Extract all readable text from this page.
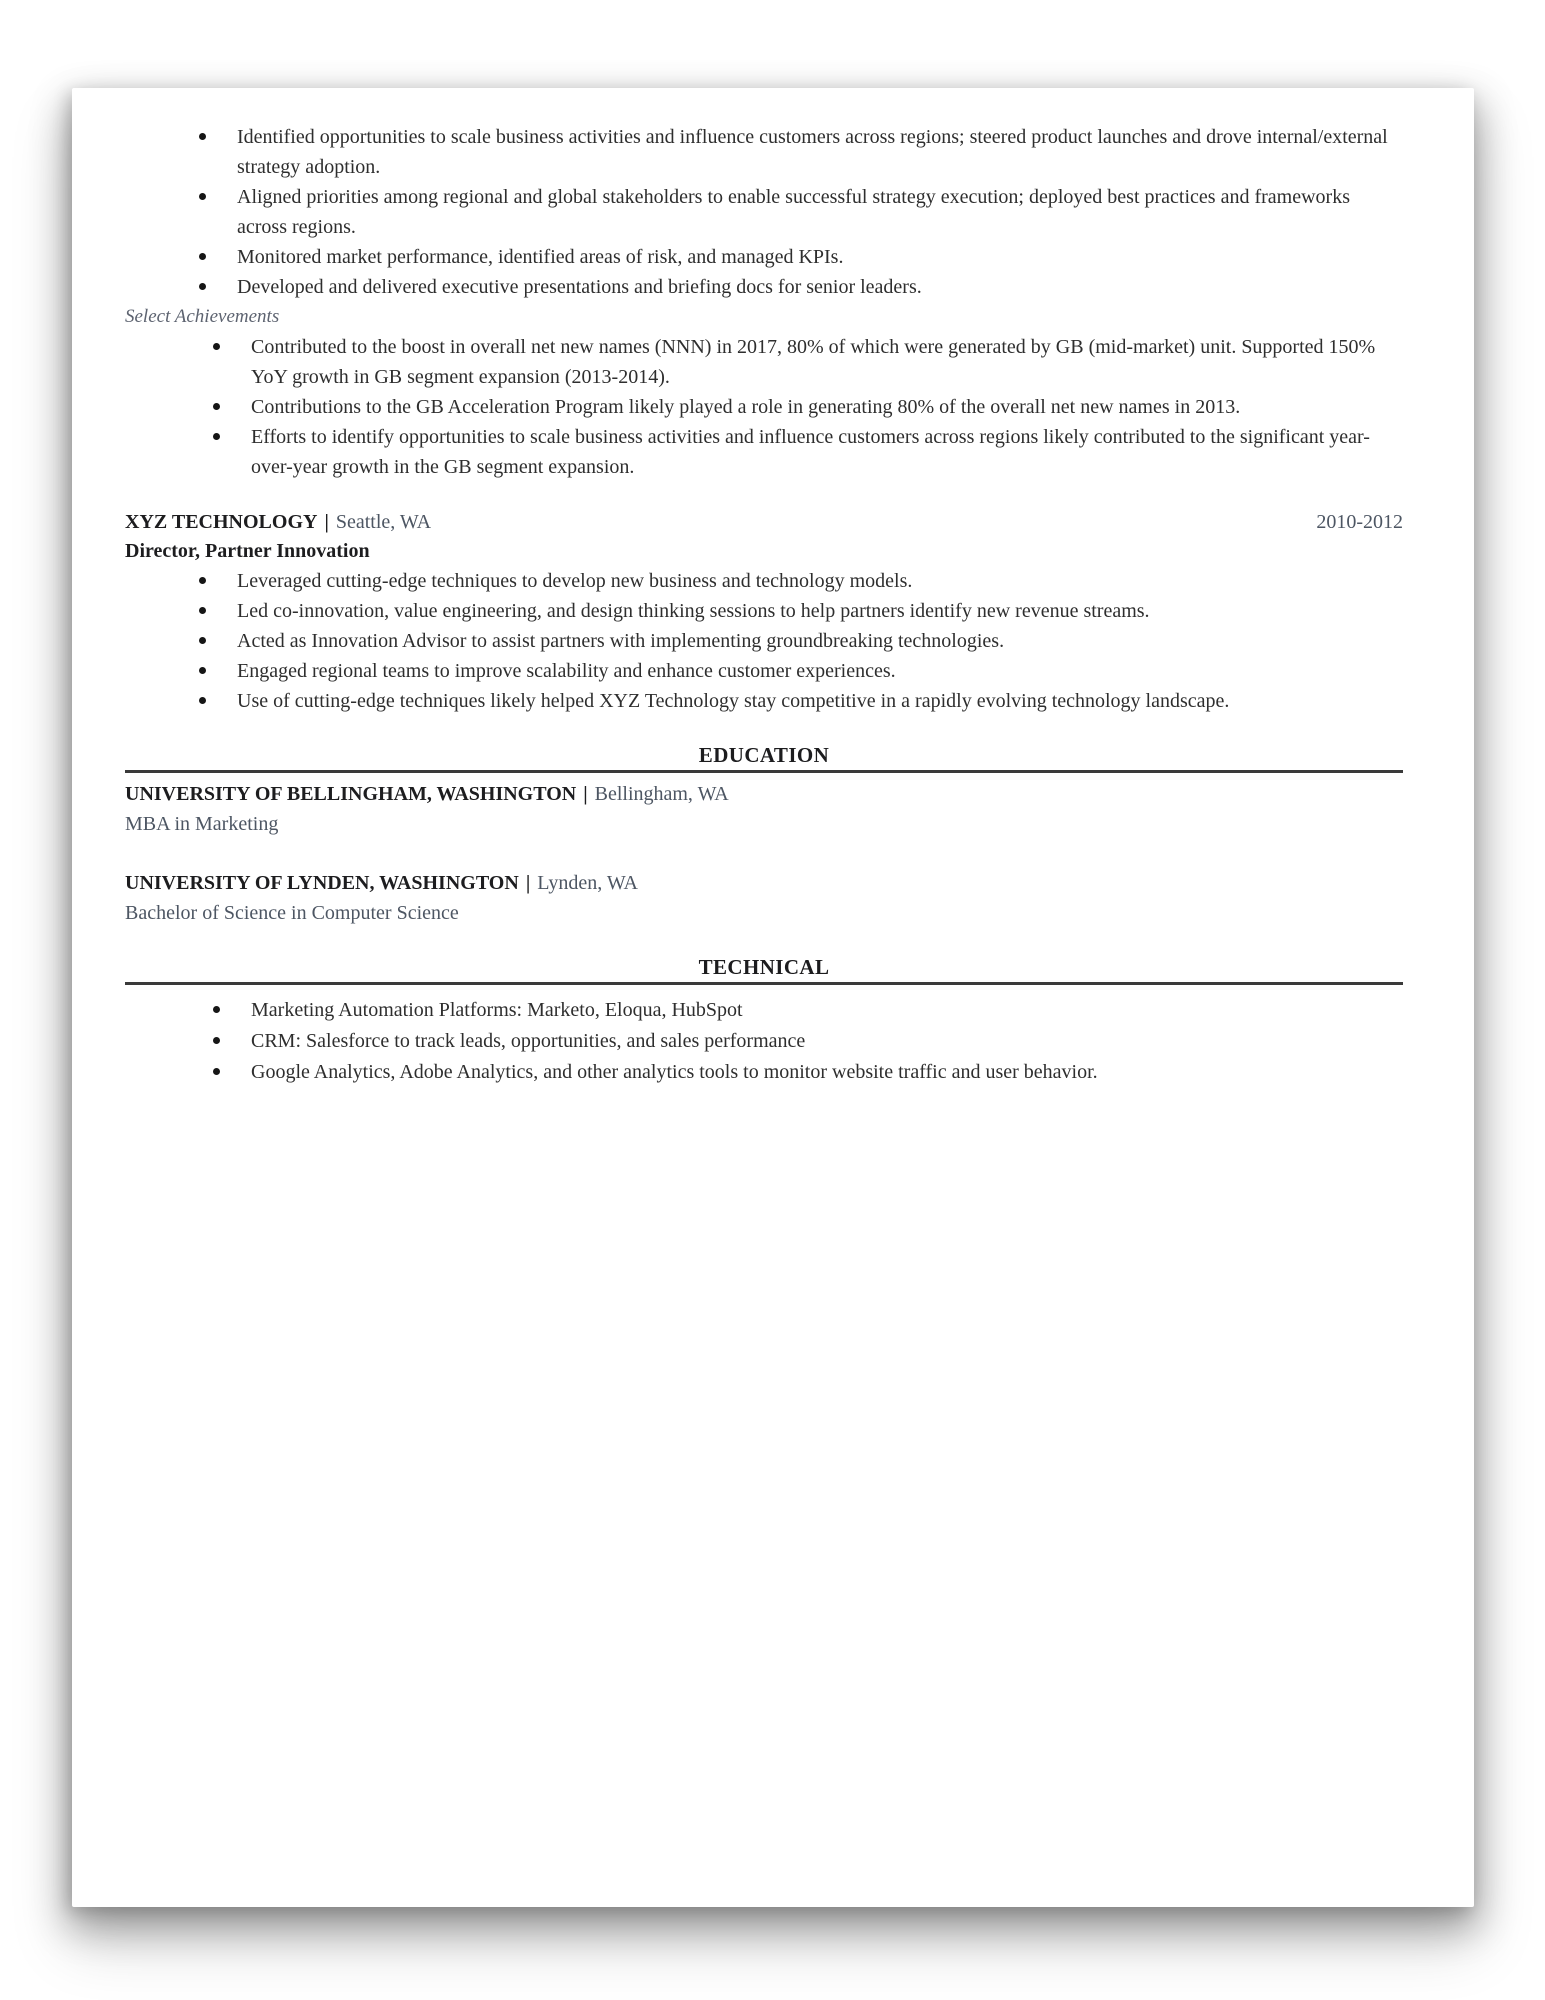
Identified opportunities to scale business activities and influence customers across regions; steered product launches and drove internal/external strategy adoption.
Aligned priorities among regional and global stakeholders to enable successful strategy execution; deployed best practices and frameworks across regions.
Monitored market performance, identified areas of risk, and managed KPIs.
Developed and delivered executive presentations and briefing docs for senior leaders.
Select Achievements
Contributed to the boost in overall net new names (NNN) in 2017, 80% of which were generated by GB (mid-market) unit. Supported 150% YoY growth in GB segment expansion (2013-2014).
Contributions to the GB Acceleration Program likely played a role in generating 80% of the overall net new names in 2013.
Efforts to identify opportunities to scale business activities and influence customers across regions likely contributed to the significant year-over-year growth in the GB segment expansion.
XYZ TECHNOLOGY | Seattle, WA	2010-2012
Director, Partner Innovation
Leveraged cutting-edge techniques to develop new business and technology models.
Led co-innovation, value engineering, and design thinking sessions to help partners identify new revenue streams.
Acted as Innovation Advisor to assist partners with implementing groundbreaking technologies.
Engaged regional teams to improve scalability and enhance customer experiences.
Use of cutting-edge techniques likely helped XYZ Technology stay competitive in a rapidly evolving technology landscape.
EDUCATION
UNIVERSITY OF BELLINGHAM, WASHINGTON | Bellingham, WA
MBA in Marketing
UNIVERSITY OF LYNDEN, WASHINGTON | Lynden, WA
Bachelor of Science in Computer Science
TECHNICAL
Marketing Automation Platforms: Marketo, Eloqua, HubSpot
CRM: Salesforce to track leads, opportunities, and sales performance
Google Analytics, Adobe Analytics, and other analytics tools to monitor website traffic and user behavior.
